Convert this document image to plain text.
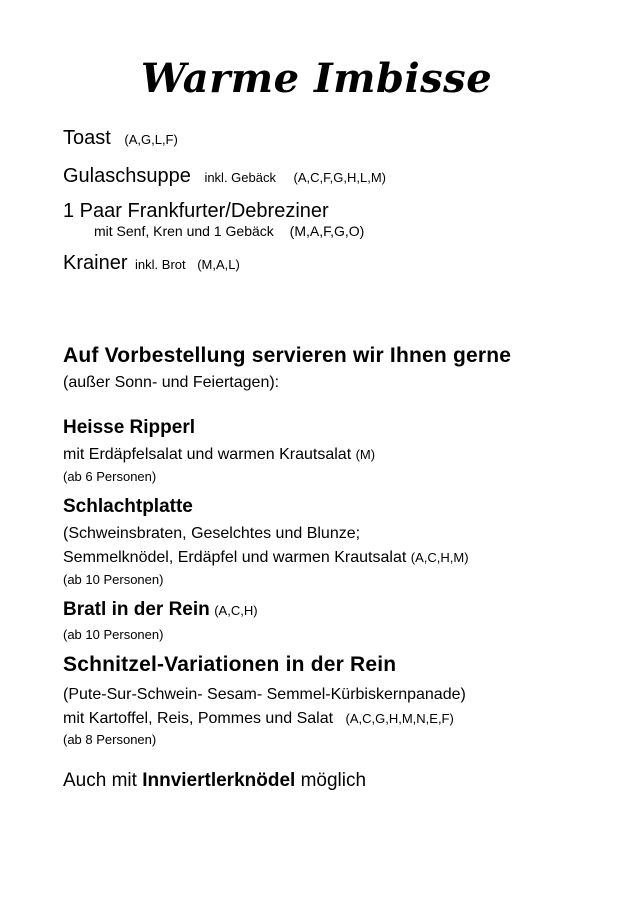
Warme Imbisse
Toast (A,G,L,F)
Gulaschsuppe inkl. Gebäck (A,C,F,G,H,L,M)
1 Paar Frankfurter/Debreziner
mit Senf, Kren und 1 Gebäck (M,A,F,G,O)
Krainer inkl. Brot (M,A,L)
Auf Vorbestellung servieren wir Ihnen gerne
(außer Sonn- und Feiertagen):
Heisse Ripperl
mit Erdäpfelsalat und warmen Krautsalat (M)
(ab 6 Personen)
Schlachtplatte
(Schweinsbraten, Geselchtes und Blunze;
Semmelknödel, Erdäpfel und warmen Krautsalat (A,C,H,M)
(ab 10 Personen)
Bratl in der Rein (A,C,H)
(ab 10 Personen)
Schnitzel-Variationen in der Rein
(Pute-Sur-Schwein- Sesam- Semmel-Kürbiskernpanade)
mit Kartoffel, Reis, Pommes und Salat (A,C,G,H,M,N,E,F)
(ab 8 Personen)
Auch mit Innviertlerknödel möglich
